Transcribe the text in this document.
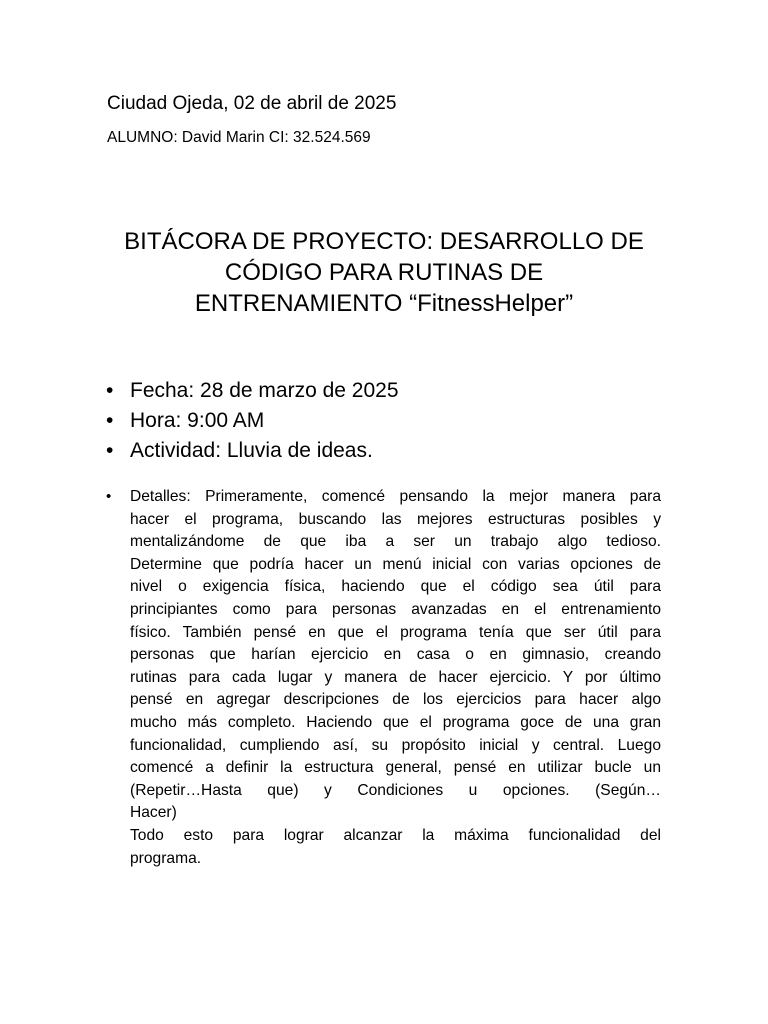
Ciudad Ojeda, 02 de abril de 2025
ALUMNO: David Marin CI: 32.524.569
BITÁCORA DE PROYECTO: DESARROLLO DE
CÓDIGO PARA RUTINAS DE
ENTRENAMIENTO “FitnessHelper”
• Fecha: 28 de marzo de 2025
• Hora: 9:00 AM
• Actividad: Lluvia de ideas.
• Detalles: Primeramente, comencé pensando la mejor manera para
hacer el programa, buscando las mejores estructuras posibles y
mentalizándome de que iba a ser un trabajo algo tedioso.
Determine que podría hacer un menú inicial con varias opciones de
nivel o exigencia física, haciendo que el código sea útil para
principiantes como para personas avanzadas en el entrenamiento
físico. También pensé en que el programa tenía que ser útil para
personas que harían ejercicio en casa o en gimnasio, creando
rutinas para cada lugar y manera de hacer ejercicio. Y por último
pensé en agregar descripciones de los ejercicios para hacer algo
mucho más completo. Haciendo que el programa goce de una gran
funcionalidad, cumpliendo así, su propósito inicial y central. Luego
comencé a definir la estructura general, pensé en utilizar bucle un
(Repetir…Hasta que) y Condiciones u opciones. (Según…
Hacer)
Todo esto para lograr alcanzar la máxima funcionalidad del
programa.
